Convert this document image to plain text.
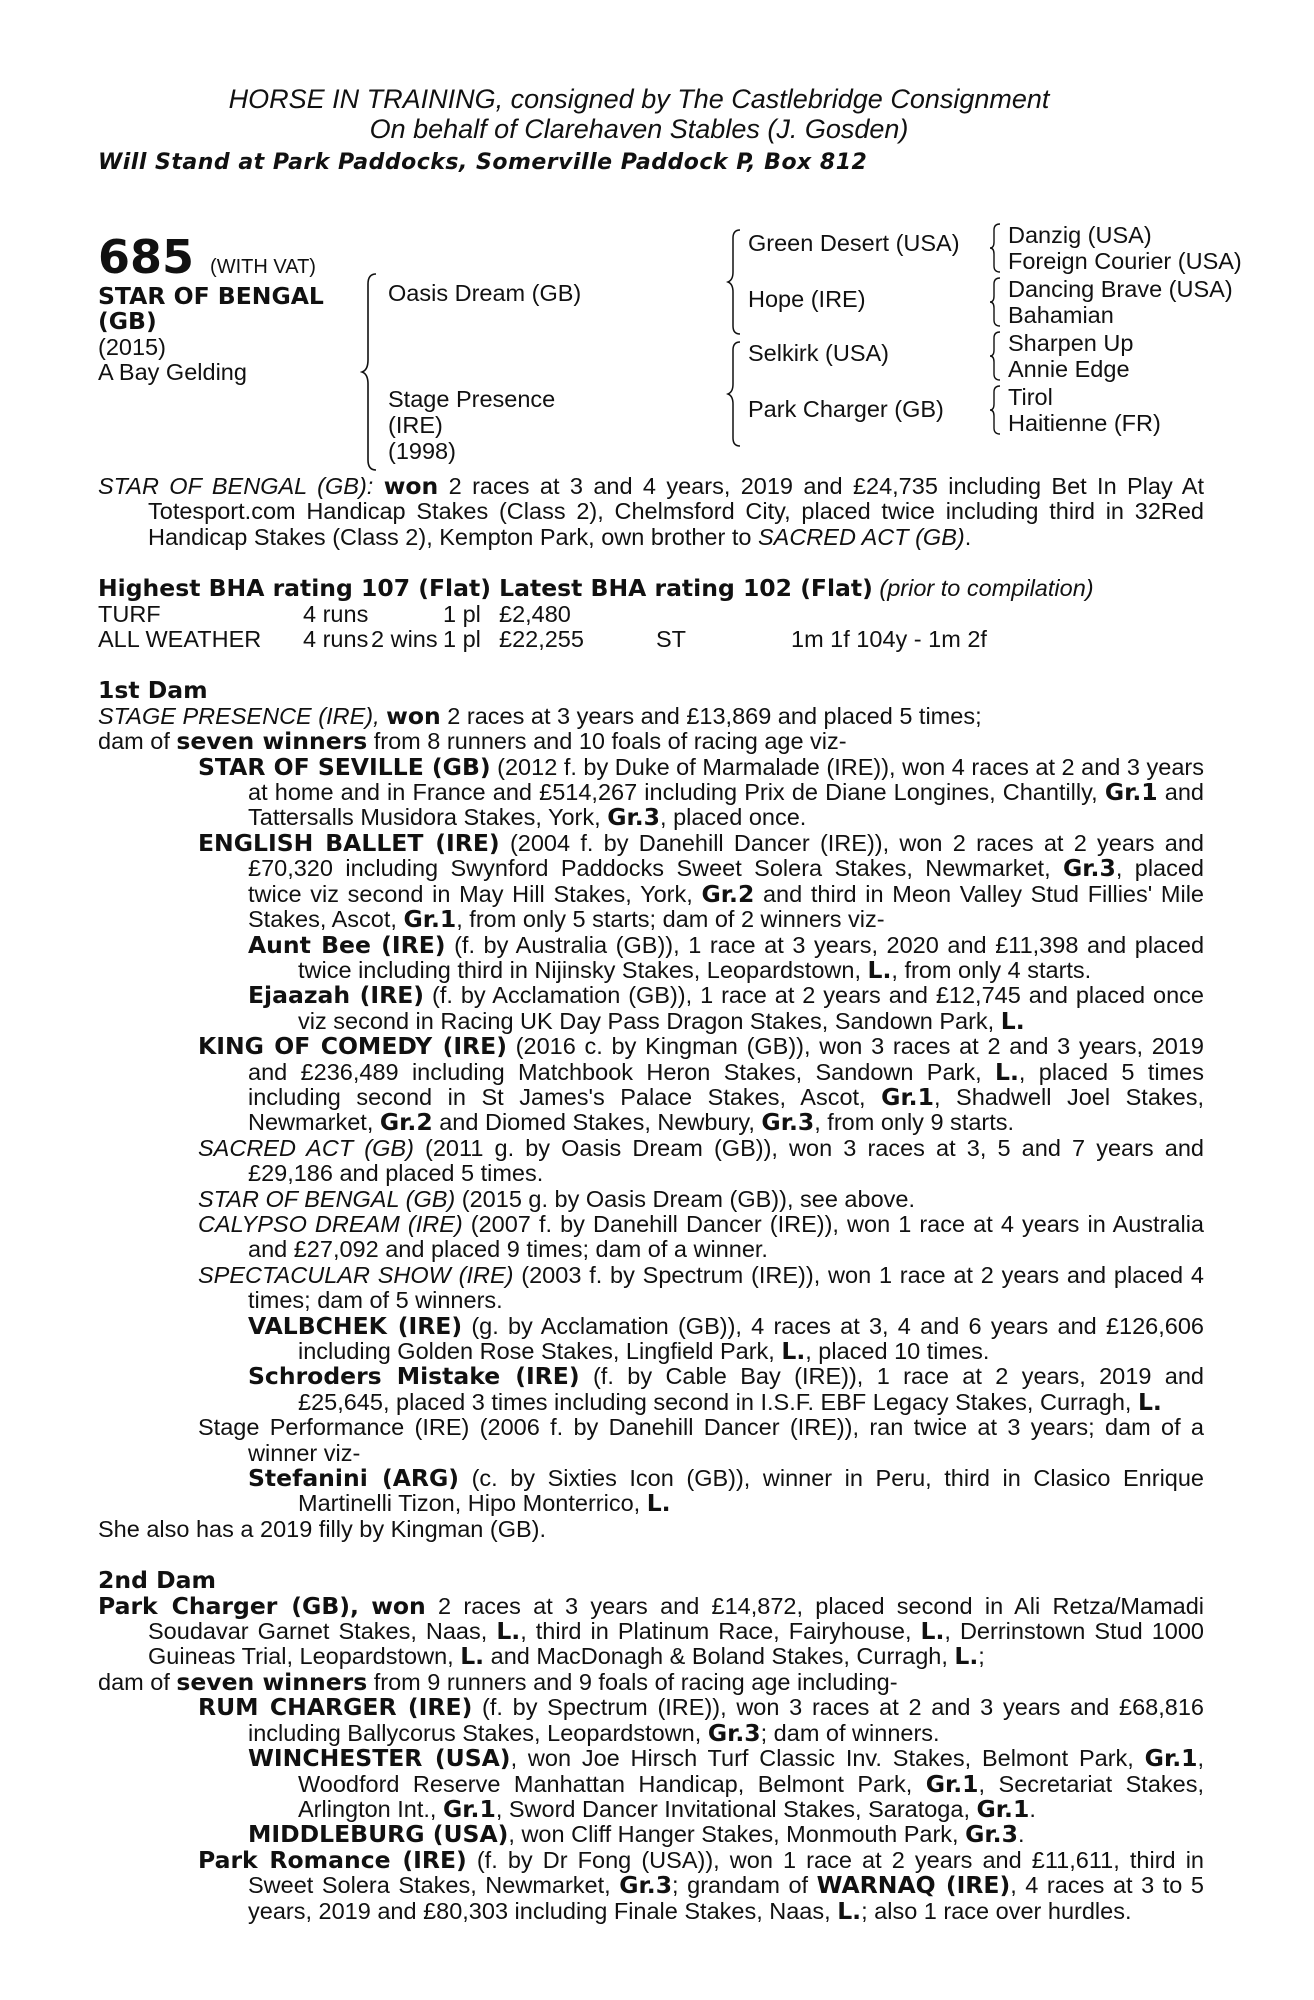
HORSE IN TRAINING, consigned by The Castlebridge Consignment
On behalf of Clarehaven Stables (J. Gosden)
Will Stand at Park Paddocks, Somerville Paddock P, Box 812
685 (WITH VAT)
STAR OF BENGAL
(GB)
(2015)
A Bay Gelding
Oasis Dream (GB)
Stage Presence
(IRE)
(1998)
Green Desert (USA)
Hope (IRE)
Selkirk (USA)
Park Charger (GB)
Danzig (USA)
Foreign Courier (USA)
Dancing Brave (USA)
Bahamian
Sharpen Up
Annie Edge
Tirol
Haitienne (FR)
STAR OF BENGAL (GB): won 2 races at 3 and 4 years, 2019 and £24,735 including Bet In Play At Totesport.com Handicap Stakes (Class 2), Chelmsford City, placed twice including third in 32Red Handicap Stakes (Class 2), Kempton Park, own brother to SACRED ACT (GB).
Highest BHA rating 107 (Flat) Latest BHA rating 102 (Flat) (prior to compilation)
TURF	4 runs		1 pl	£2,480		
ALL WEATHER	4 runs	2 wins	1 pl	£22,255	ST	1m 1f 104y - 1m 2f
1st Dam
STAGE PRESENCE (IRE), won 2 races at 3 years and £13,869 and placed 5 times;
dam of seven winners from 8 runners and 10 foals of racing age viz-
STAR OF SEVILLE (GB) (2012 f. by Duke of Marmalade (IRE)), won 4 races at 2 and 3 years at home and in France and £514,267 including Prix de Diane Longines, Chantilly, Gr.1 and Tattersalls Musidora Stakes, York, Gr.3, placed once.
ENGLISH BALLET (IRE) (2004 f. by Danehill Dancer (IRE)), won 2 races at 2 years and £70,320 including Swynford Paddocks Sweet Solera Stakes, Newmarket, Gr.3, placed twice viz second in May Hill Stakes, York, Gr.2 and third in Meon Valley Stud Fillies' Mile Stakes, Ascot, Gr.1, from only 5 starts; dam of 2 winners viz-
Aunt Bee (IRE) (f. by Australia (GB)), 1 race at 3 years, 2020 and £11,398 and placed twice including third in Nijinsky Stakes, Leopardstown, L., from only 4 starts.
Ejaazah (IRE) (f. by Acclamation (GB)), 1 race at 2 years and £12,745 and placed once viz second in Racing UK Day Pass Dragon Stakes, Sandown Park, L.
KING OF COMEDY (IRE) (2016 c. by Kingman (GB)), won 3 races at 2 and 3 years, 2019 and £236,489 including Matchbook Heron Stakes, Sandown Park, L., placed 5 times including second in St James's Palace Stakes, Ascot, Gr.1, Shadwell Joel Stakes, Newmarket, Gr.2 and Diomed Stakes, Newbury, Gr.3, from only 9 starts.
SACRED ACT (GB) (2011 g. by Oasis Dream (GB)), won 3 races at 3, 5 and 7 years and £29,186 and placed 5 times.
STAR OF BENGAL (GB) (2015 g. by Oasis Dream (GB)), see above.
CALYPSO DREAM (IRE) (2007 f. by Danehill Dancer (IRE)), won 1 race at 4 years in Australia and £27,092 and placed 9 times; dam of a winner.
SPECTACULAR SHOW (IRE) (2003 f. by Spectrum (IRE)), won 1 race at 2 years and placed 4 times; dam of 5 winners.
VALBCHEK (IRE) (g. by Acclamation (GB)), 4 races at 3, 4 and 6 years and £126,606 including Golden Rose Stakes, Lingfield Park, L., placed 10 times.
Schroders Mistake (IRE) (f. by Cable Bay (IRE)), 1 race at 2 years, 2019 and £25,645, placed 3 times including second in I.S.F. EBF Legacy Stakes, Curragh, L.
Stage Performance (IRE) (2006 f. by Danehill Dancer (IRE)), ran twice at 3 years; dam of a winner viz-
Stefanini (ARG) (c. by Sixties Icon (GB)), winner in Peru, third in Clasico Enrique Martinelli Tizon, Hipo Monterrico, L.
She also has a 2019 filly by Kingman (GB).
2nd Dam
Park Charger (GB), won 2 races at 3 years and £14,872, placed second in Ali Retza/Mamadi Soudavar Garnet Stakes, Naas, L., third in Platinum Race, Fairyhouse, L., Derrinstown Stud 1000 Guineas Trial, Leopardstown, L. and MacDonagh & Boland Stakes, Curragh, L.;
dam of seven winners from 9 runners and 9 foals of racing age including-
RUM CHARGER (IRE) (f. by Spectrum (IRE)), won 3 races at 2 and 3 years and £68,816 including Ballycorus Stakes, Leopardstown, Gr.3; dam of winners.
WINCHESTER (USA), won Joe Hirsch Turf Classic Inv. Stakes, Belmont Park, Gr.1, Woodford Reserve Manhattan Handicap, Belmont Park, Gr.1, Secretariat Stakes, Arlington Int., Gr.1, Sword Dancer Invitational Stakes, Saratoga, Gr.1.
MIDDLEBURG (USA), won Cliff Hanger Stakes, Monmouth Park, Gr.3.
Park Romance (IRE) (f. by Dr Fong (USA)), won 1 race at 2 years and £11,611, third in Sweet Solera Stakes, Newmarket, Gr.3; grandam of WARNAQ (IRE), 4 races at 3 to 5 years, 2019 and £80,303 including Finale Stakes, Naas, L.; also 1 race over hurdles.
